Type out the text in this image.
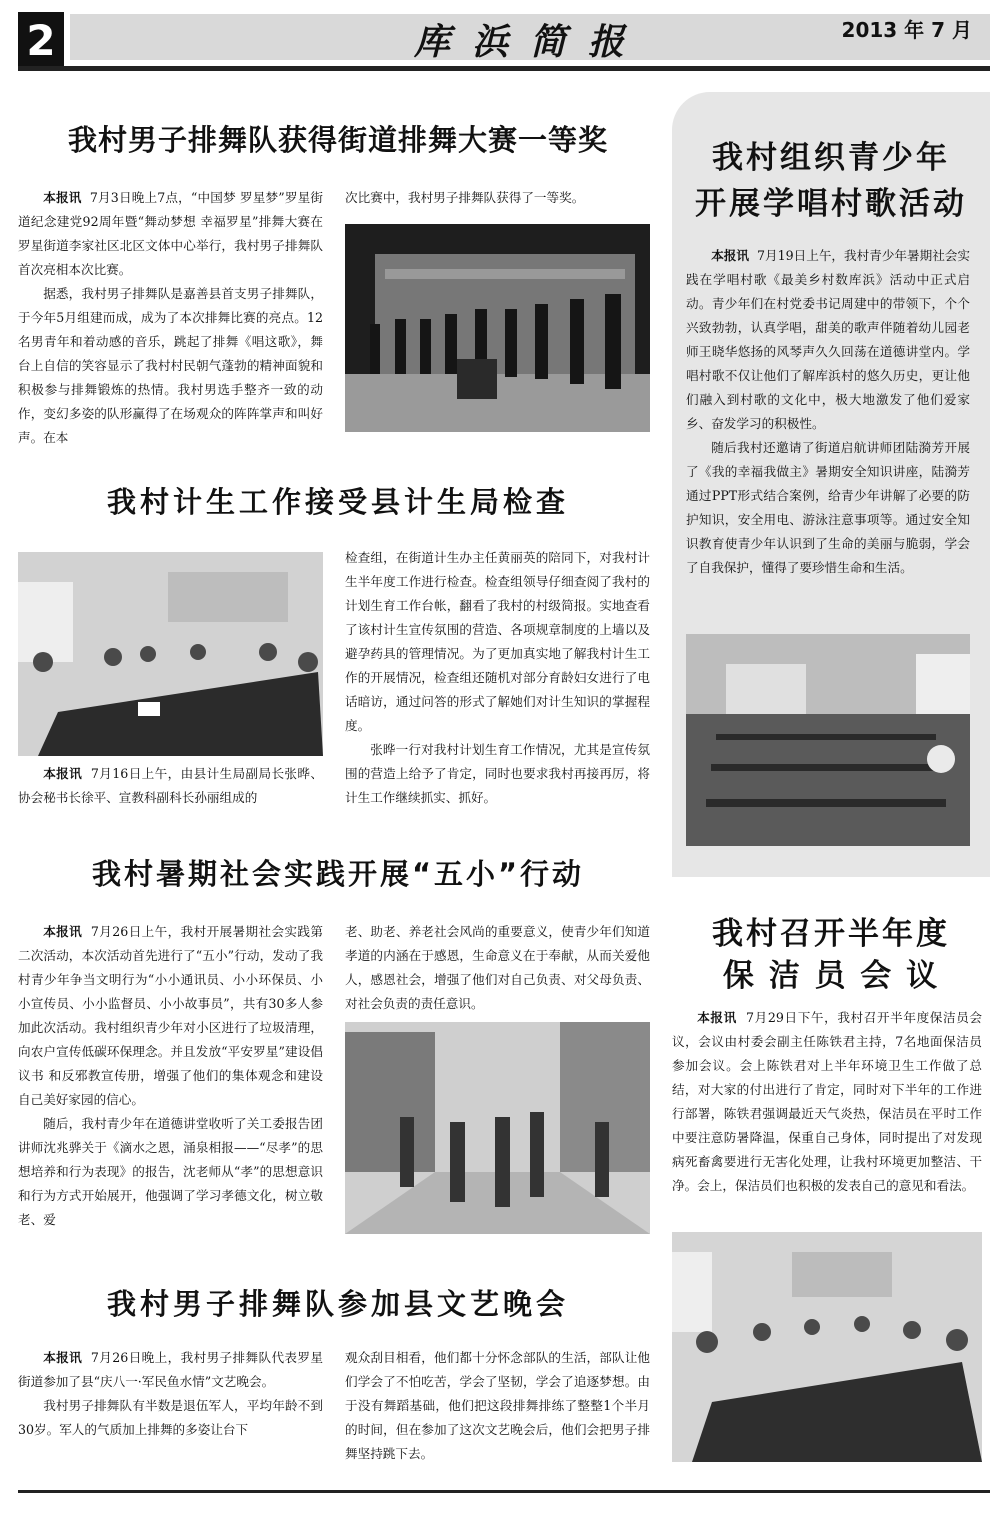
2	库浜简报	2013 年 7 月
我村男子排舞队获得街道排舞大赛一等奖

本报讯 7月3日晚上7点，“中国梦 罗星梦”罗星街道纪念建党92周年暨“舞动梦想 幸福罗星”排舞大赛在罗星街道李家社区北区文体中心举行，我村男子排舞队首次亮相本次比赛。

据悉，我村男子排舞队是嘉善县首支男子排舞队，于今年5月组建而成，成为了本次排舞比赛的亮点。12名男青年和着动感的音乐，跳起了排舞《唱这歌》，舞台上自信的笑容显示了我村村民朝气蓬勃的精神面貌和积极参与排舞锻炼的热情。我村男选手整齐一致的动作，变幻多姿的队形赢得了在场观众的阵阵掌声和叫好声。在本

次比赛中，我村男子排舞队获得了一等奖。

我村计生工作接受县计生局检查

本报讯 7月16日上午，由县计生局副局长张晔、协会秘书长徐平、宣教科副科长孙丽组成的

检查组，在街道计生办主任黄丽英的陪同下，对我村计生半年度工作进行检查。检查组领导仔细查阅了我村的计划生育工作台帐，翻看了我村的村级简报。实地查看了该村计生宣传氛围的营造、各项规章制度的上墙以及避孕药具的管理情况。为了更加真实地了解我村计生工作的开展情况，检查组还随机对部分育龄妇女进行了电话暗访，通过问答的形式了解她们对计生知识的掌握程度。

张晔一行对我村计划生育工作情况，尤其是宣传氛围的营造上给予了肯定，同时也要求我村再接再厉，将计生工作继续抓实、抓好。

我村暑期社会实践开展“五小”行动

本报讯 7月26日上午，我村开展暑期社会实践第二次活动，本次活动首先进行了“五小”行动，发动了我村青少年争当文明行为“小小通讯员、小小环保员、小小宣传员、小小监督员、小小故事员”，共有30多人参加此次活动。我村组织青少年对小区进行了垃圾清理，向农户宣传低碳环保理念。并且发放“平安罗星”建设倡议书 和反邪教宣传册，增强了他们的集体观念和建设自己美好家园的信心。

随后，我村青少年在道德讲堂收听了关工委报告团讲师沈兆骅关于《滴水之恩，涌泉相报——“尽孝”的思想培养和行为表现》的报告，沈老师从“孝”的思想意识和行为方式开始展开，他强调了学习孝德文化，树立敬老、爱

老、助老、养老社会风尚的重要意义，使青少年们知道孝道的内涵在于感恩，生命意义在于奉献，从而关爱他人，感恩社会，增强了他们对自己负责、对父母负责、对社会负责的责任意识。

我村男子排舞队参加县文艺晚会

本报讯 7月26日晚上，我村男子排舞队代表罗星街道参加了县“庆八一·军民鱼水情”文艺晚会。

我村男子排舞队有半数是退伍军人，平均年龄不到30岁。军人的气质加上排舞的多姿让台下

观众刮目相看，他们都十分怀念部队的生活，部队让他们学会了不怕吃苦，学会了坚韧，学会了追逐梦想。由于没有舞蹈基础，他们把这段排舞排练了整整1个半月的时间，但在参加了这次文艺晚会后，他们会把男子排舞坚持跳下去。

我村组织青少年
开展学唱村歌活动

本报讯 7月19日上午，我村青少年暑期社会实践在学唱村歌《最美乡村数库浜》活动中正式启动。青少年们在村党委书记周建中的带领下，个个兴致勃勃，认真学唱，甜美的歌声伴随着幼儿园老师王晓华悠扬的风琴声久久回荡在道德讲堂内。学唱村歌不仅让他们了解库浜村的悠久历史，更让他们融入到村歌的文化中，极大地激发了他们爱家乡、奋发学习的积极性。

随后我村还邀请了街道启航讲师团陆漪芳开展了《我的幸福我做主》暑期安全知识讲座，陆漪芳通过PPT形式结合案例，给青少年讲解了必要的防护知识，安全用电、游泳注意事项等。通过安全知识教育使青少年认识到了生命的美丽与脆弱，学会了自我保护，懂得了要珍惜生命和生活。

我村召开半年度
保 洁 员 会 议

本报讯 7月29日下午，我村召开半年度保洁员会议，会议由村委会副主任陈铁君主持，7名地面保洁员参加会议。会上陈铁君对上半年环境卫生工作做了总结，对大家的付出进行了肯定，同时对下半年的工作进行部署，陈铁君强调最近天气炎热，保洁员在平时工作中要注意防暑降温，保重自己身体，同时提出了对发现病死畜禽要进行无害化处理，让我村环境更加整洁、干净。会上，保洁员们也积极的发表自己的意见和看法。
